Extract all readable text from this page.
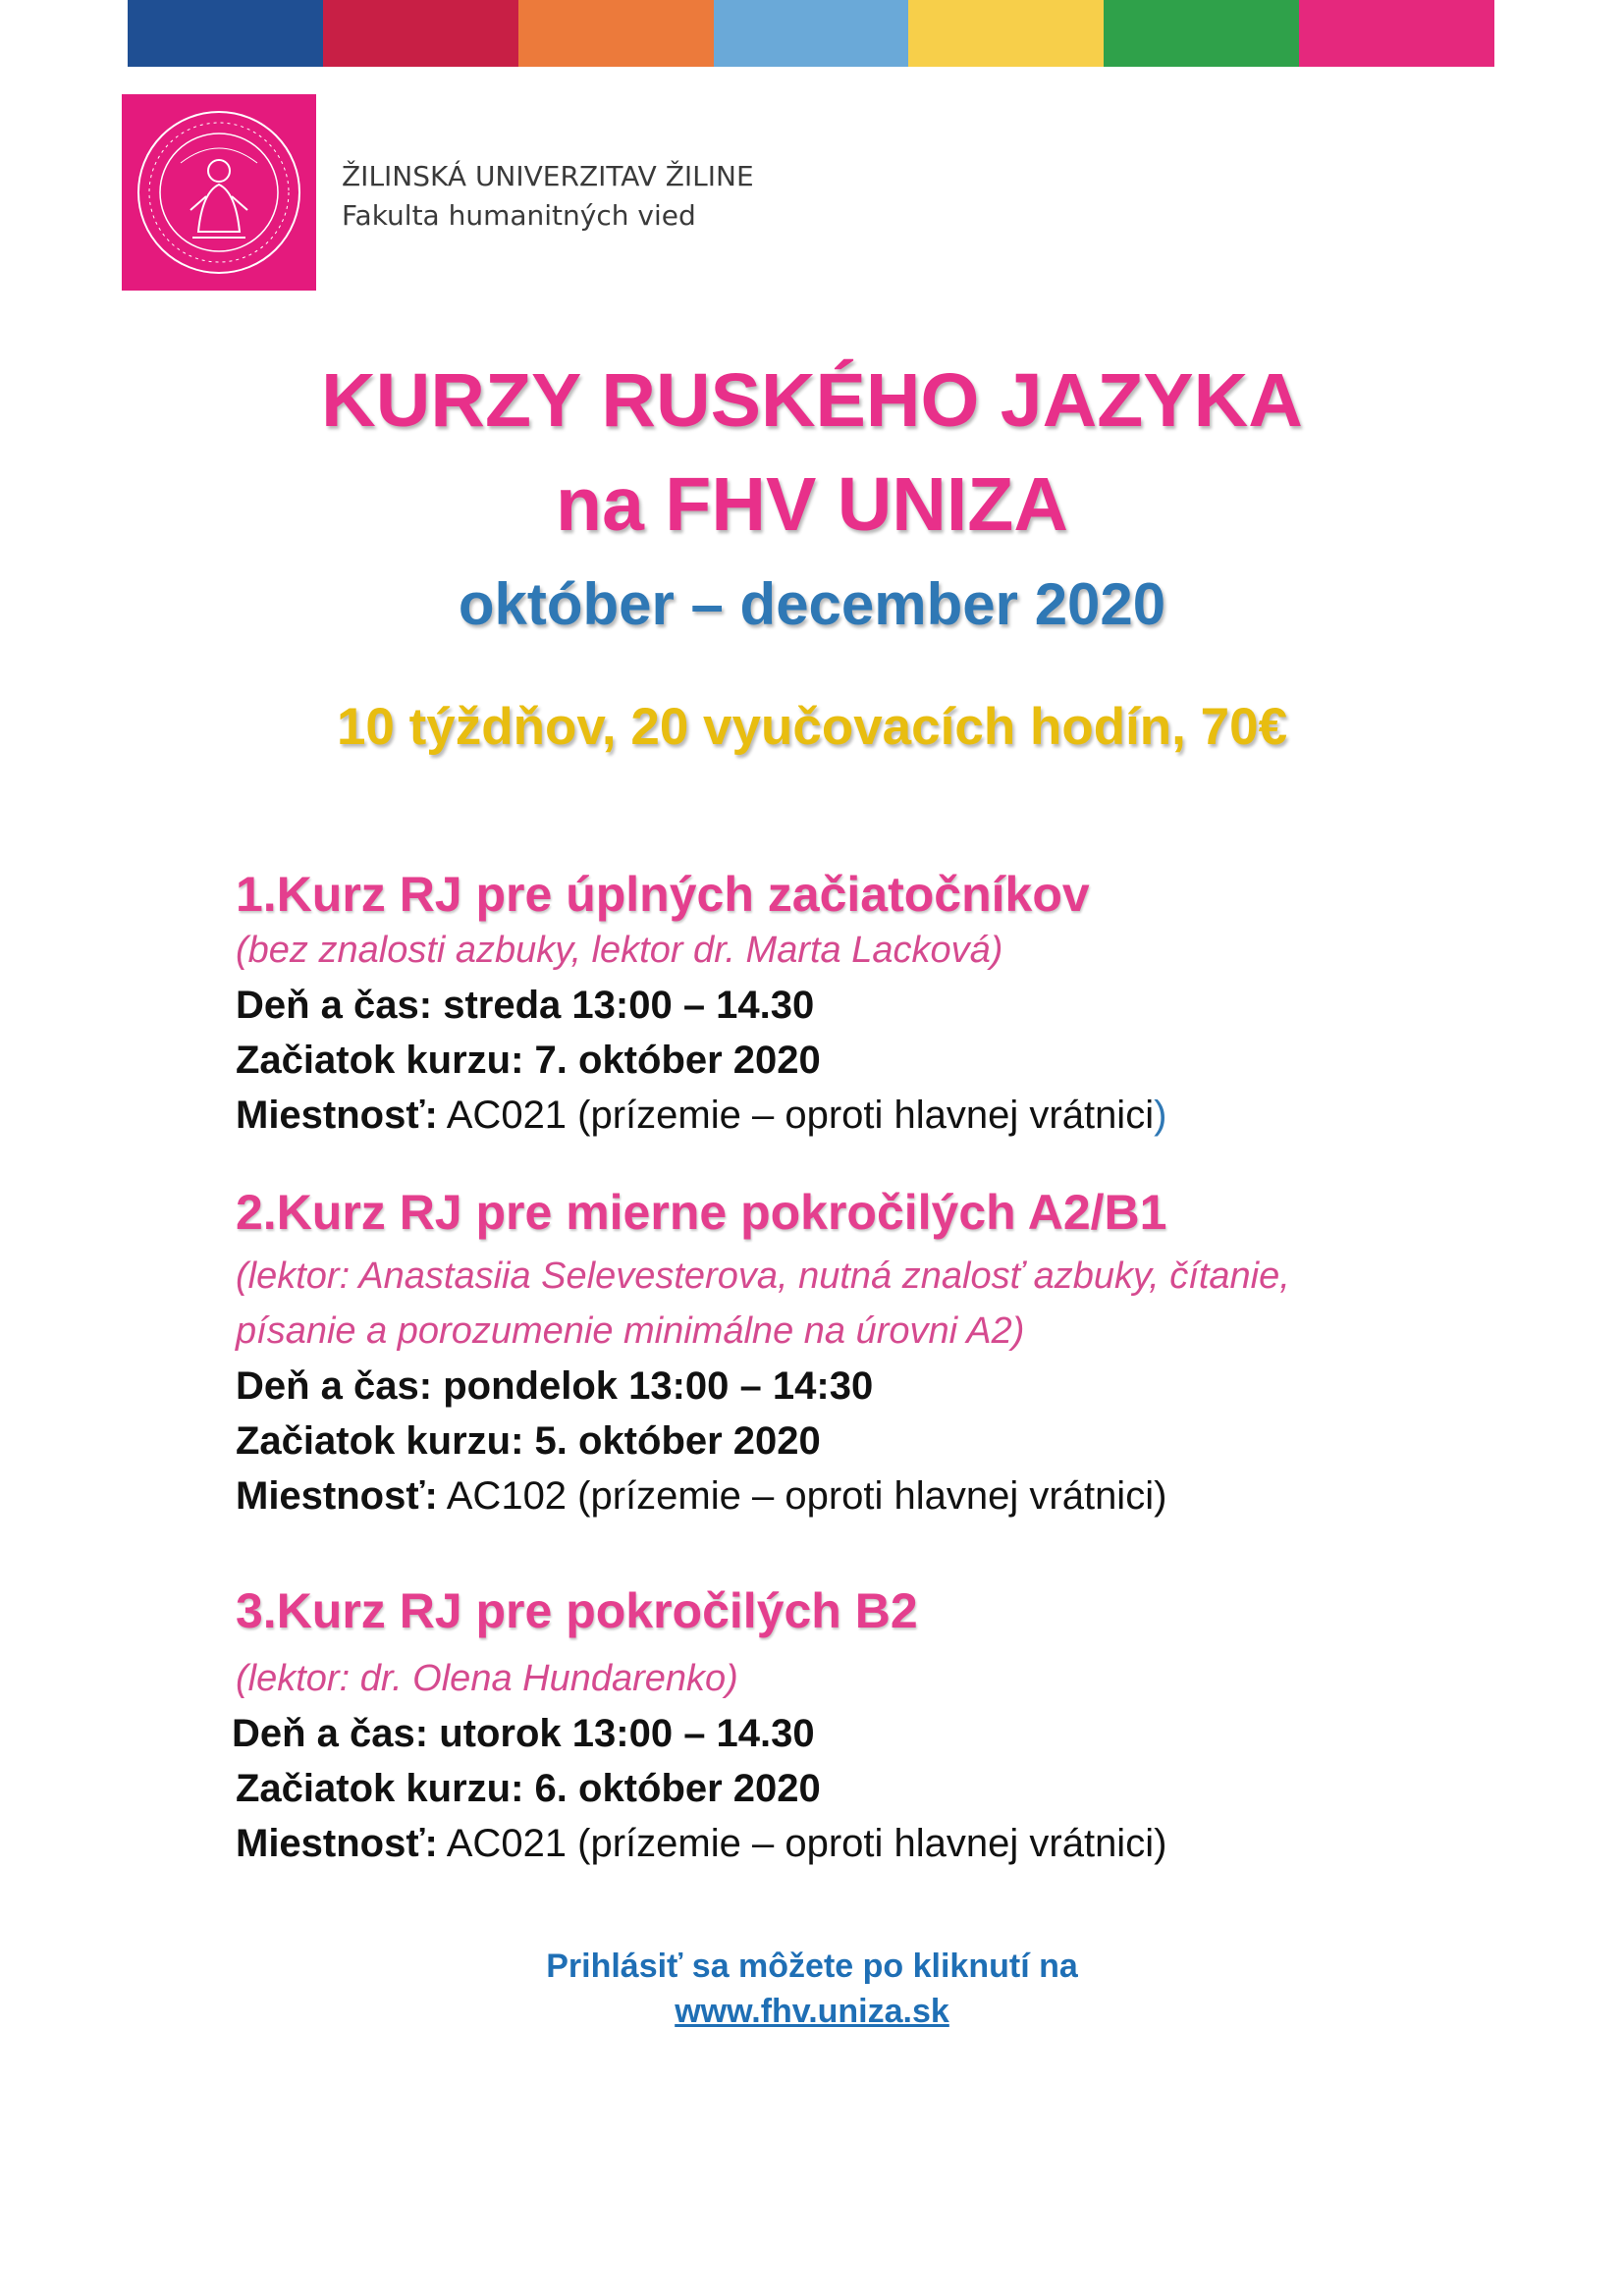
ŽILINSKÁ UNIVERZITAV ŽILINE
Fakulta humanitných vied
KURZY RUSKÉHO JAZYKA
na FHV UNIZA
október – december 2020
10 týždňov, 20 vyučovacích hodín, 70€
1.Kurz RJ pre úplných začiatočníkov
(bez znalosti azbuky, lektor dr. Marta Lacková)
Deň a čas: streda 13:00 – 14.30
Začiatok kurzu: 7. október 2020
Miestnosť: AC021 (prízemie – oproti hlavnej vrátnici)
2.Kurz RJ pre mierne pokročilých A2/B1
(lektor: Anastasiia Selevesterova, nutná znalosť azbuky, čítanie,
písanie a porozumenie minimálne na úrovni A2)
Deň a čas: pondelok 13:00 – 14:30
Začiatok kurzu: 5. október 2020
Miestnosť: AC102 (prízemie – oproti hlavnej vrátnici)
3.Kurz RJ pre pokročilých B2
(lektor: dr. Olena Hundarenko)
Deň a čas: utorok 13:00 – 14.30
Začiatok kurzu: 6. október 2020
Miestnosť: AC021 (prízemie – oproti hlavnej vrátnici)
Prihlásiť sa môžete po kliknutí na
www.fhv.uniza.sk
